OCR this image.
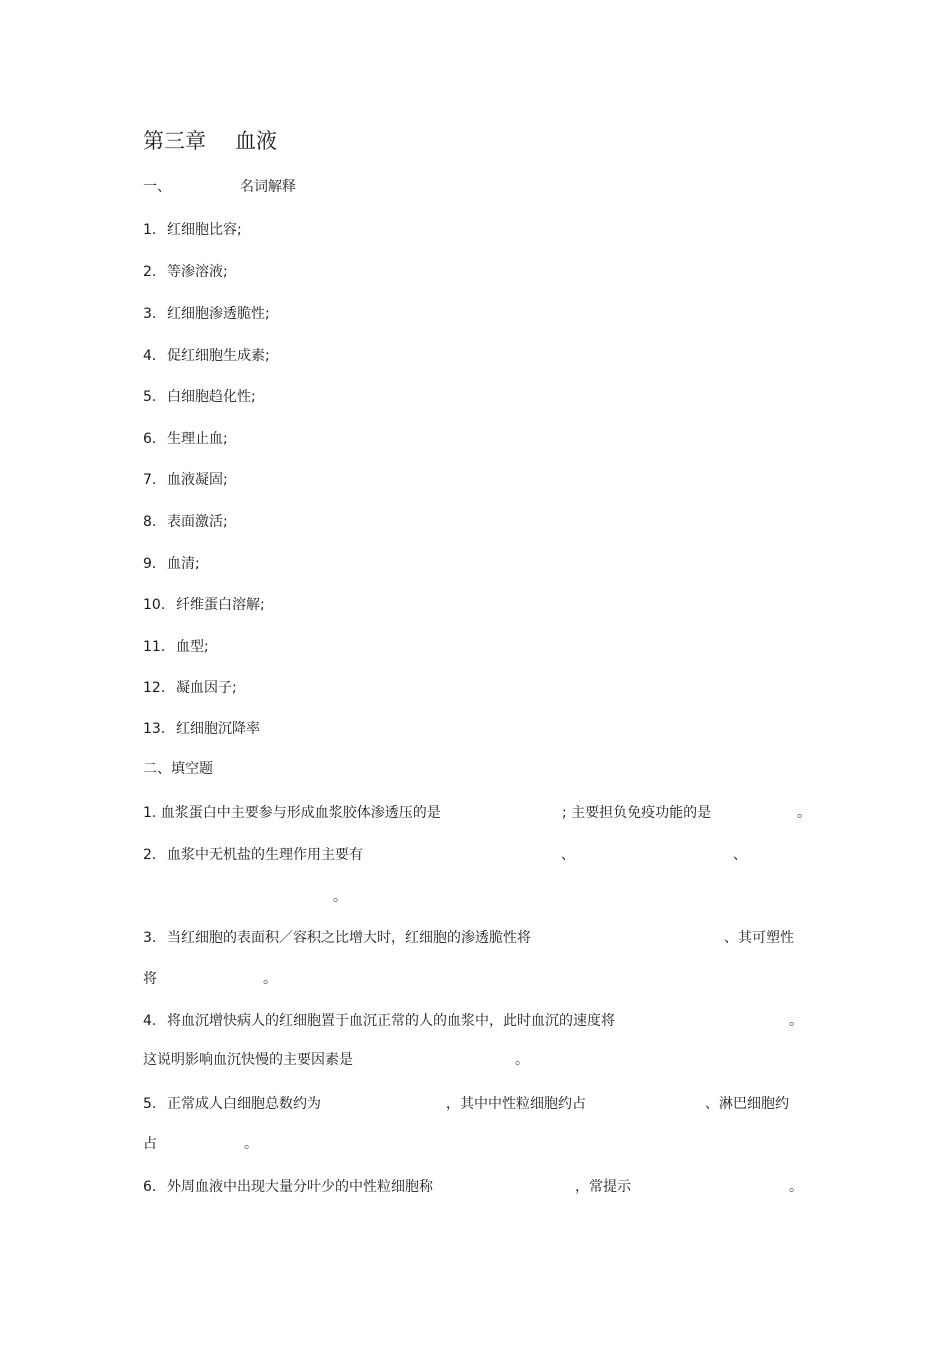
第三章 血液
一、	名词解释
1. 红细胞比容;
2. 等渗溶液;
3. 红细胞渗透脆性;
4. 促红细胞生成素;
5. 白细胞趋化性;
6. 生理止血;
7. 血液凝固;
8. 表面激活;
9. 血清;
10. 纤维蛋白溶解;
11. 血型;
12. 凝血因子;
13. 红细胞沉降率
二、填空题
1. 血浆蛋白中主要参与形成血浆胶体渗透压的是	; 主要担负免疫功能的是	。
2. 血浆中无机盐的生理作用主要有	、	、
。
3. 当红细胞的表面积／容积之比增大时，红细胞的渗透脆性将	、其可塑性
将	。
4. 将血沉增快病人的红细胞置于血沉正常的人的血浆中，此时血沉的速度将	。
这说明影响血沉快慢的主要因素是	。
5. 正常成人白细胞总数约为	，其中中性粒细胞约占	、淋巴细胞约
占	。
6. 外周血液中出现大量分叶少的中性粒细胞称	，常提示	。
